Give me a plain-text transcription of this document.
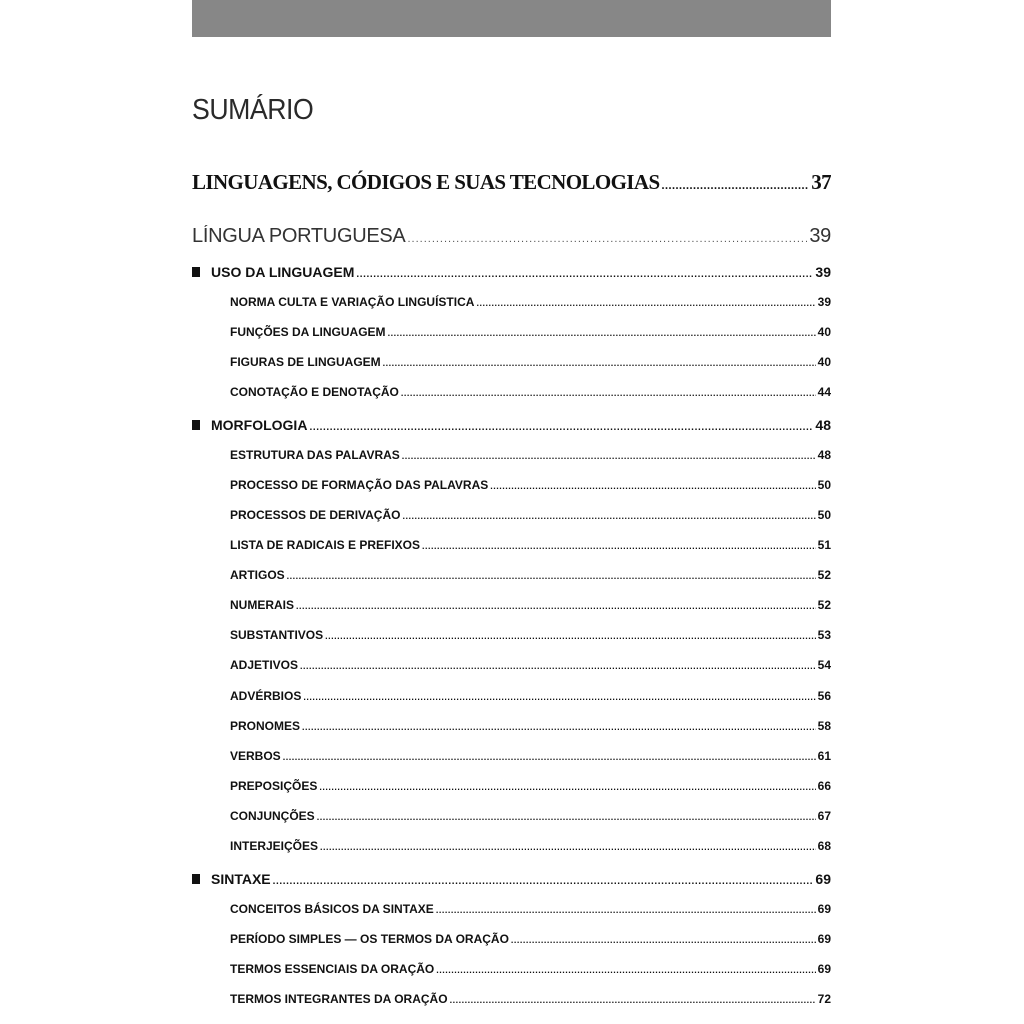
SUMÁRIO
LINGUAGENS, CÓDIGOS E SUAS TECNOLOGIAS .....	37
LÍNGUA PORTUGUESA .....	39
USO DA LINGUAGEM .....	39
NORMA CULTA E VARIAÇÃO LINGUÍSTICA .....	39
FUNÇÕES DA LINGUAGEM .....	40
FIGURAS DE LINGUAGEM .....	40
CONOTAÇÃO E DENOTAÇÃO .....	44
MORFOLOGIA .....	48
ESTRUTURA DAS PALAVRAS .....	48
PROCESSO DE FORMAÇÃO DAS PALAVRAS .....	50
PROCESSOS DE DERIVAÇÃO .....	50
LISTA DE RADICAIS E PREFIXOS .....	51
ARTIGOS .....	52
NUMERAIS .....	52
SUBSTANTIVOS .....	53
ADJETIVOS .....	54
ADVÉRBIOS .....	56
PRONOMES .....	58
VERBOS .....	61
PREPOSIÇÕES .....	66
CONJUNÇÕES .....	67
INTERJEIÇÕES .....	68
SINTAXE .....	69
CONCEITOS BÁSICOS DA SINTAXE .....	69
PERÍODO SIMPLES — OS TERMOS DA ORAÇÃO .....	69
TERMOS ESSENCIAIS DA ORAÇÃO .....	69
TERMOS INTEGRANTES DA ORAÇÃO .....	72
